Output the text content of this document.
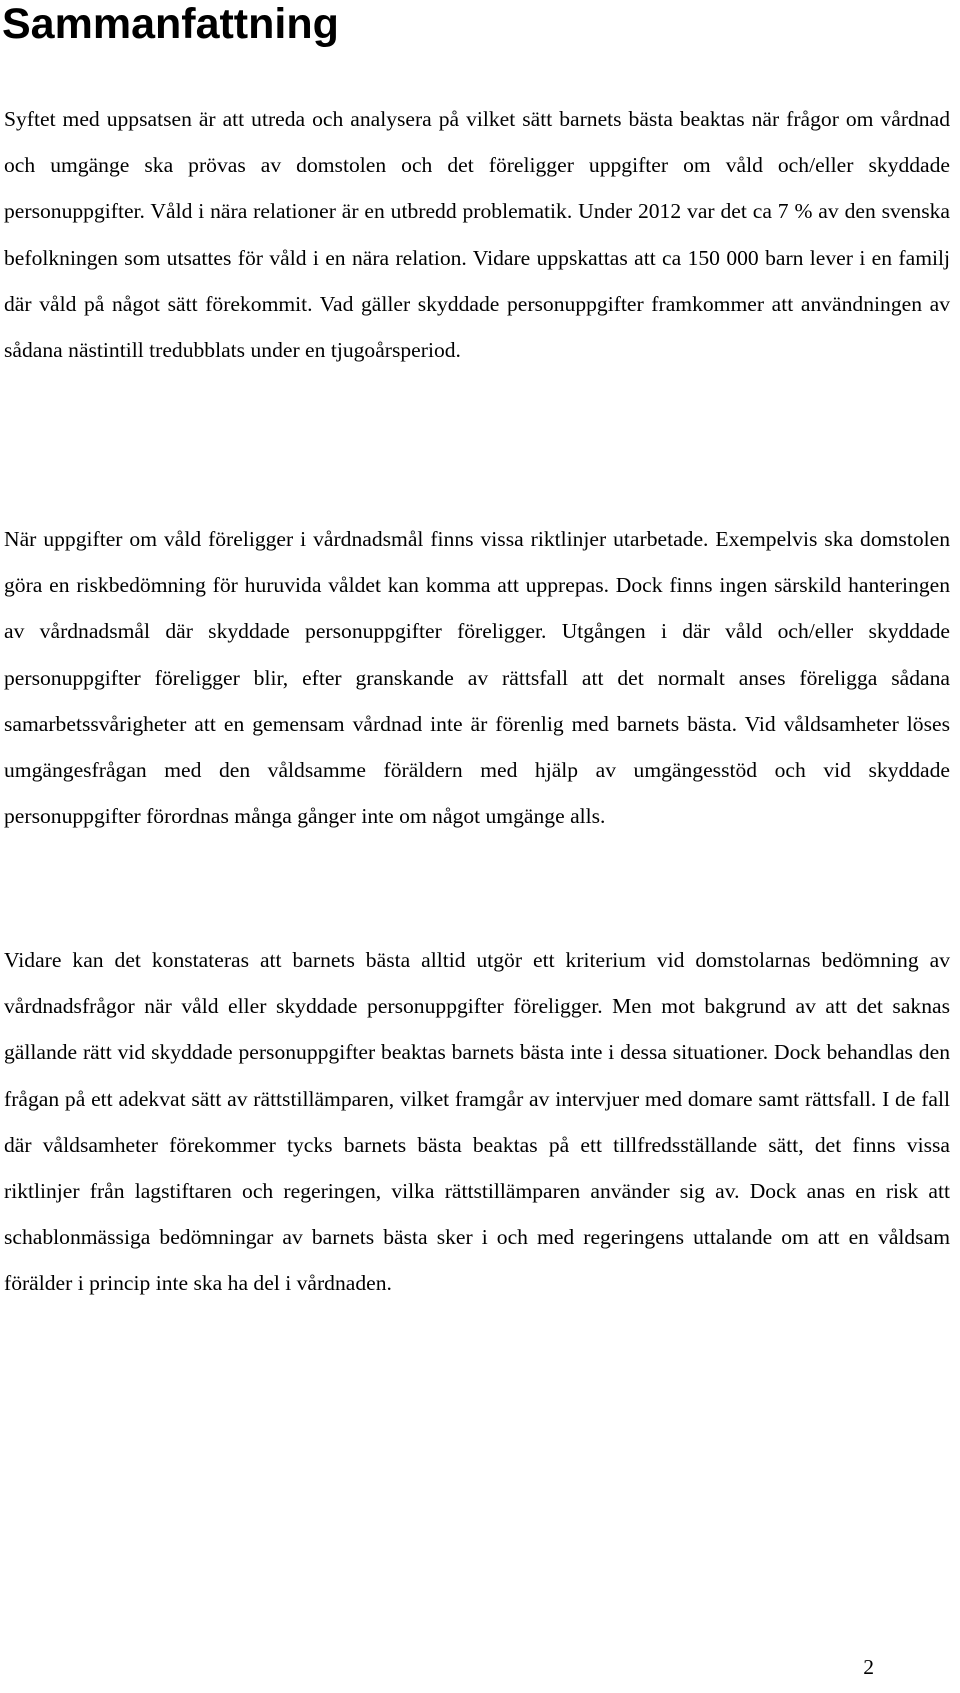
Sammanfattning

Syftet med uppsatsen är att utreda och analysera på vilket sätt barnets bästa beaktas när frågor om vårdnad och umgänge ska prövas av domstolen och det föreligger uppgifter om våld och/eller skyddade personuppgifter. Våld i nära relationer är en utbredd problematik. Under 2012 var det ca 7 % av den svenska befolkningen som utsattes för våld i en nära relation. Vidare uppskattas att ca 150 000 barn lever i en familj där våld på något sätt förekommit. Vad gäller skyddade personuppgifter framkommer att användningen av sådana nästintill tredubblats under en tjugoårsperiod.

När uppgifter om våld föreligger i vårdnadsmål finns vissa riktlinjer utarbetade. Exempelvis ska domstolen göra en riskbedömning för huruvida våldet kan komma att upprepas. Dock finns ingen särskild hanteringen av vårdnadsmål där skyddade personuppgifter föreligger. Utgången i där våld och/eller skyddade personuppgifter föreligger blir, efter granskande av rättsfall att det normalt anses föreligga sådana samarbetssvårigheter att en gemensam vårdnad inte är förenlig med barnets bästa. Vid våldsamheter löses umgängesfrågan med den våldsamme föräldern med hjälp av umgängesstöd och vid skyddade personuppgifter förordnas många gånger inte om något umgänge alls.

Vidare kan det konstateras att barnets bästa alltid utgör ett kriterium vid domstolarnas bedömning av vårdnadsfrågor när våld eller skyddade personuppgifter föreligger. Men mot bakgrund av att det saknas gällande rätt vid skyddade personuppgifter beaktas barnets bästa inte i dessa situationer. Dock behandlas den frågan på ett adekvat sätt av rättstillämparen, vilket framgår av intervjuer med domare samt rättsfall. I de fall där våldsamheter förekommer tycks barnets bästa beaktas på ett tillfredsställande sätt, det finns vissa riktlinjer från lagstiftaren och regeringen, vilka rättstillämparen använder sig av. Dock anas en risk att schablonmässiga bedömningar av barnets bästa sker i och med regeringens uttalande om att en våldsam förälder i princip inte ska ha del i vårdnaden.

2
